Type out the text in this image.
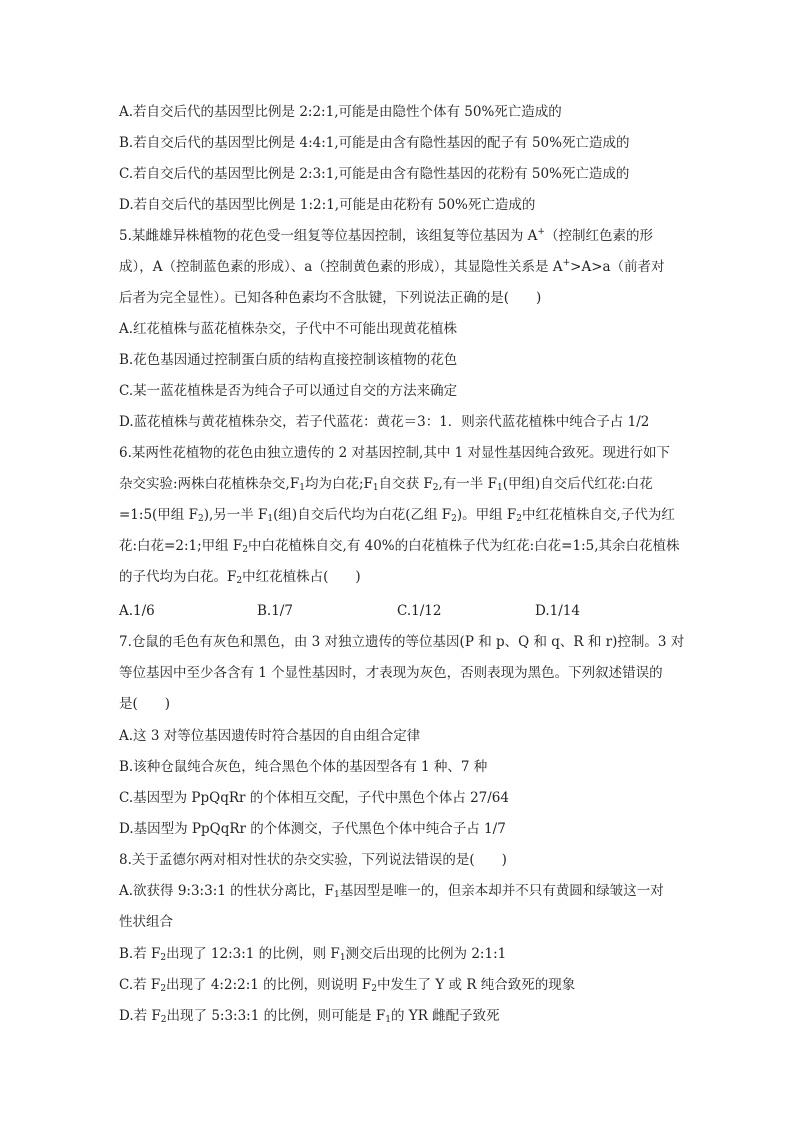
A.若自交后代的基因型比例是 2:2:1,可能是由隐性个体有 50%死亡造成的
B.若自交后代的基因型比例是 4:4:1,可能是由含有隐性基因的配子有 50%死亡造成的
C.若自交后代的基因型比例是 2:3:1,可能是由含有隐性基因的花粉有 50%死亡造成的
D.若自交后代的基因型比例是 1:2:1,可能是由花粉有 50%死亡造成的
5.某雌雄异株植物的花色受一组复等位基因控制，该组复等位基因为 A+（控制红色素的形
成），A（控制蓝色素的形成）、a（控制黄色素的形成），其显隐性关系是 A+>A>a（前者对
后者为完全显性）。已知各种色素均不含肽键，下列说法正确的是(　　)
A.红花植株与蓝花植株杂交，子代中不可能出现黄花植株
B.花色基因通过控制蛋白质的结构直接控制该植物的花色
C.某一蓝花植株是否为纯合子可以通过自交的方法来确定
D.蓝花植株与黄花植株杂交，若子代蓝花：黄花＝3：1．则亲代蓝花植株中纯合子占 1/2
6.某两性花植物的花色由独立遗传的 2 对基因控制,其中 1 对显性基因纯合致死。现进行如下
杂交实验:两株白花植株杂交$,F_1$均为白花$;F_1$自交获 $F_2$,有一半 $F_1$(甲组)自交后代红花:白花
=1:5(甲组 $F_2$),另一半 $F_1$(组)自交后代均为白花(乙组 $F_2$)。甲组 $F_2$中红花植株自交,子代为红
花:白花=2:1;甲组 $F_2$中白花植株自交,有 40%的白花植株子代为红花:白花=1:5,其余白花植株
的子代均为白花。$F_2$中红花植株占(　　)
A.1/6	B.1/7	C.1/12	D.1/14
7.仓鼠的毛色有灰色和黑色，由 3 对独立遗传的等位基因(P 和 p、Q 和 q、R 和 r)控制。3 对
等位基因中至少各含有 1 个显性基因时，才表现为灰色，否则表现为黑色。下列叙述错误的
是(　　)
A.这 3 对等位基因遗传时符合基因的自由组合定律
B.该种仓鼠纯合灰色，纯合黑色个体的基因型各有 1 种、7 种
C.基因型为 PpQqRr 的个体相互交配，子代中黑色个体占 27/64
D.基因型为 PpQqRr 的个体测交，子代黑色个体中纯合子占 1/7
8.关于孟德尔两对相对性状的杂交实验，下列说法错误的是(　　)
A.欲获得 9:3:3:1 的性状分离比，$F_1$基因型是唯一的，但亲本却并不只有黄圆和绿皱这一对
性状组合
B.若 $F_2$出现了 12:3:1 的比例，则 $F_1$测交后出现的比例为 2:1:1
C.若 $F_2$出现了 4:2:2:1 的比例，则说明 $F_2$中发生了 Y 或 R 纯合致死的现象
D.若 $F_2$出现了 5:3:3:1 的比例，则可能是 $F_1$的 YR 雌配子致死
